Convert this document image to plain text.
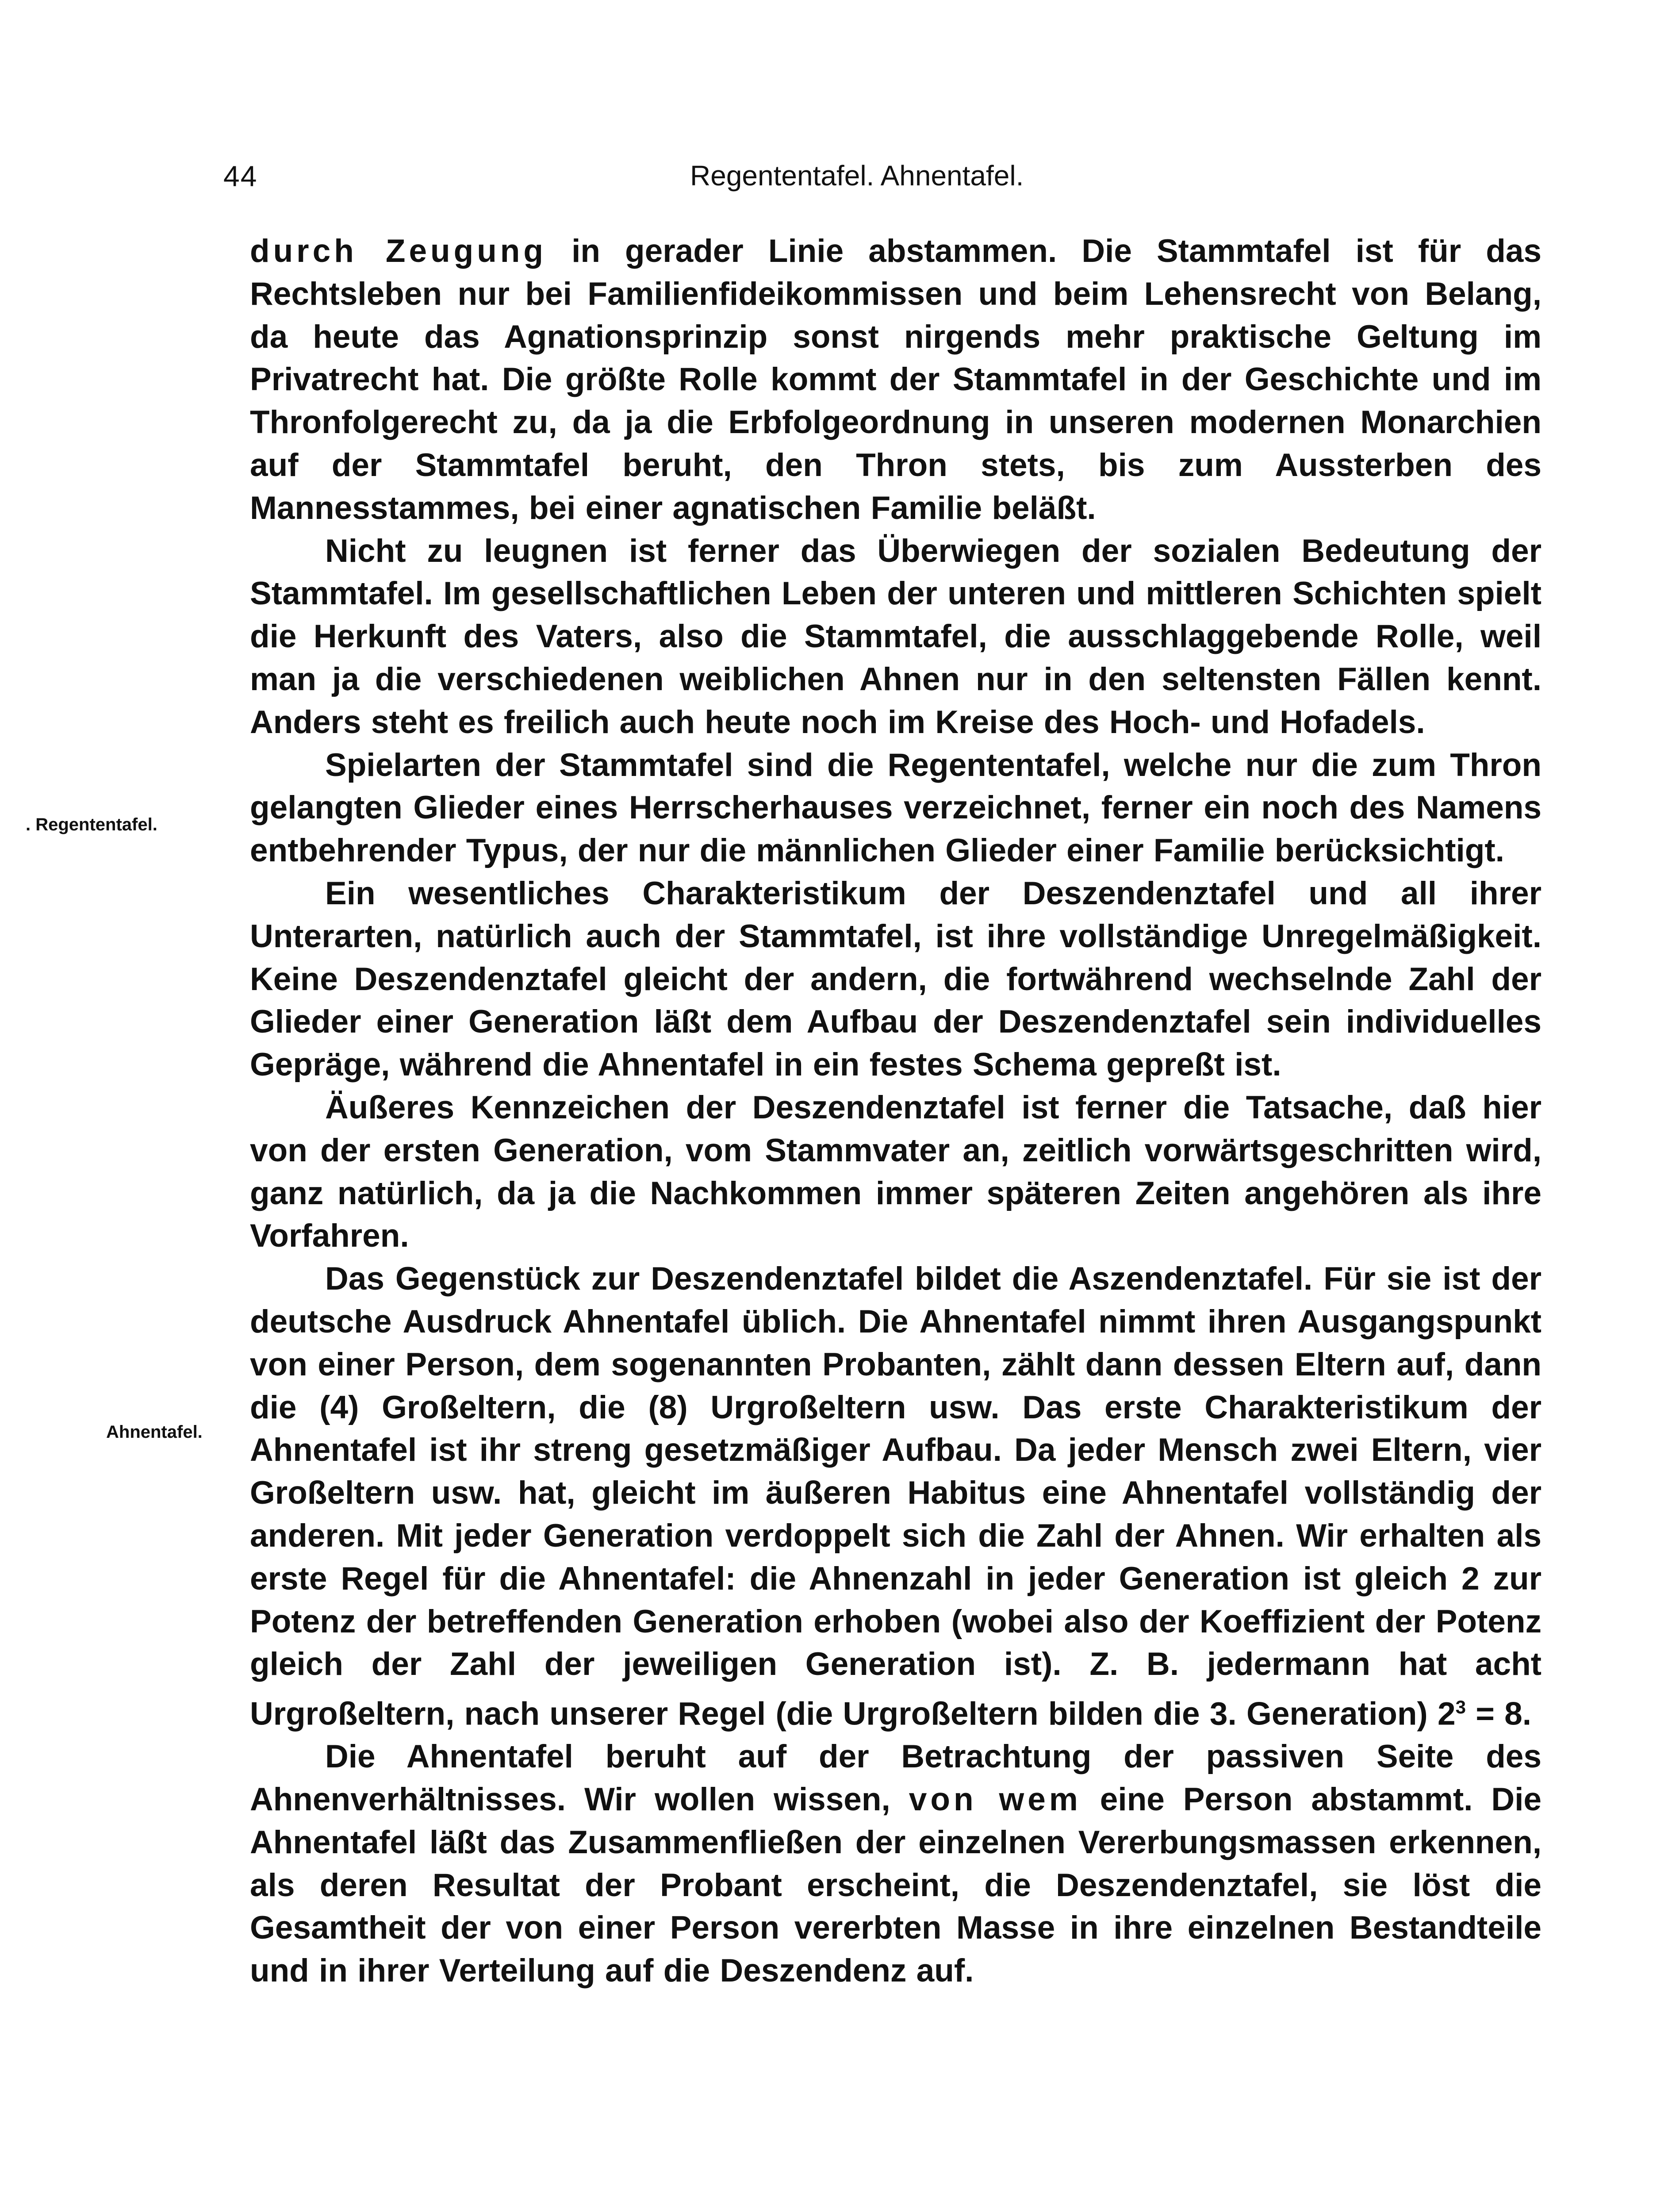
44	Regententafel. Ahnentafel.
. Regententafel.
Ahnentafel.

durch Zeugung in gerader Linie abstammen. Die Stammtafel ist für das Rechtsleben nur bei Familienfideikommissen und beim Lehensrecht von Belang, da heute das Agnationsprinzip sonst nirgends mehr praktische Geltung im Privatrecht hat. Die größte Rolle kommt der Stammtafel in der Geschichte und im Thronfolgerecht zu, da ja die Erbfolgeordnung in unseren modernen Monarchien auf der Stammtafel beruht, den Thron stets, bis zum Aussterben des Mannesstammes, bei einer agnatischen Familie beläßt.

Nicht zu leugnen ist ferner das Überwiegen der sozialen Bedeutung der Stammtafel. Im gesellschaftlichen Leben der unteren und mittleren Schichten spielt die Herkunft des Vaters, also die Stammtafel, die ausschlaggebende Rolle, weil man ja die verschiedenen weiblichen Ahnen nur in den seltensten Fällen kennt. Anders steht es freilich auch heute noch im Kreise des Hoch- und Hofadels.

Spielarten der Stammtafel sind die Regententafel, welche nur die zum Thron gelangten Glieder eines Herrscherhauses verzeichnet, ferner ein noch des Namens entbehrender Typus, der nur die männlichen Glieder einer Familie berücksichtigt.

Ein wesentliches Charakteristikum der Deszendenztafel und all ihrer Unterarten, natürlich auch der Stammtafel, ist ihre vollständige Unregelmäßigkeit. Keine Deszendenztafel gleicht der andern, die fortwährend wechselnde Zahl der Glieder einer Generation läßt dem Aufbau der Deszendenztafel sein individuelles Gepräge, während die Ahnentafel in ein festes Schema gepreßt ist.

Äußeres Kennzeichen der Deszendenztafel ist ferner die Tatsache, daß hier von der ersten Generation, vom Stammvater an, zeitlich vorwärtsgeschritten wird, ganz natürlich, da ja die Nachkommen immer späteren Zeiten angehören als ihre Vorfahren.

Das Gegenstück zur Deszendenztafel bildet die Aszendenztafel. Für sie ist der deutsche Ausdruck Ahnentafel üblich. Die Ahnentafel nimmt ihren Ausgangspunkt von einer Person, dem sogenannten Probanten, zählt dann dessen Eltern auf, dann die (4) Großeltern, die (8) Urgroßeltern usw. Das erste Charakteristikum der Ahnentafel ist ihr streng gesetzmäßiger Aufbau. Da jeder Mensch zwei Eltern, vier Großeltern usw. hat, gleicht im äußeren Habitus eine Ahnentafel vollständig der anderen. Mit jeder Generation verdoppelt sich die Zahl der Ahnen. Wir erhalten als erste Regel für die Ahnentafel: die Ahnenzahl in jeder Generation ist gleich 2 zur Potenz der betreffenden Generation erhoben (wobei also der Koeffizient der Potenz gleich der Zahl der jeweiligen Generation ist). Z. B. jedermann hat acht Urgroßeltern, nach unserer Regel (die Urgroßeltern bilden die 3. Generation) $2^3 = 8$.

Die Ahnentafel beruht auf der Betrachtung der passiven Seite des Ahnenverhältnisses. Wir wollen wissen, von wem eine Person abstammt. Die Ahnentafel läßt das Zusammenfließen der einzelnen Vererbungsmassen erkennen, als deren Resultat der Probant erscheint, die Deszendenztafel, sie löst die Gesamtheit der von einer Person vererbten Masse in ihre einzelnen Bestandteile und in ihrer Verteilung auf die Deszendenz auf.
